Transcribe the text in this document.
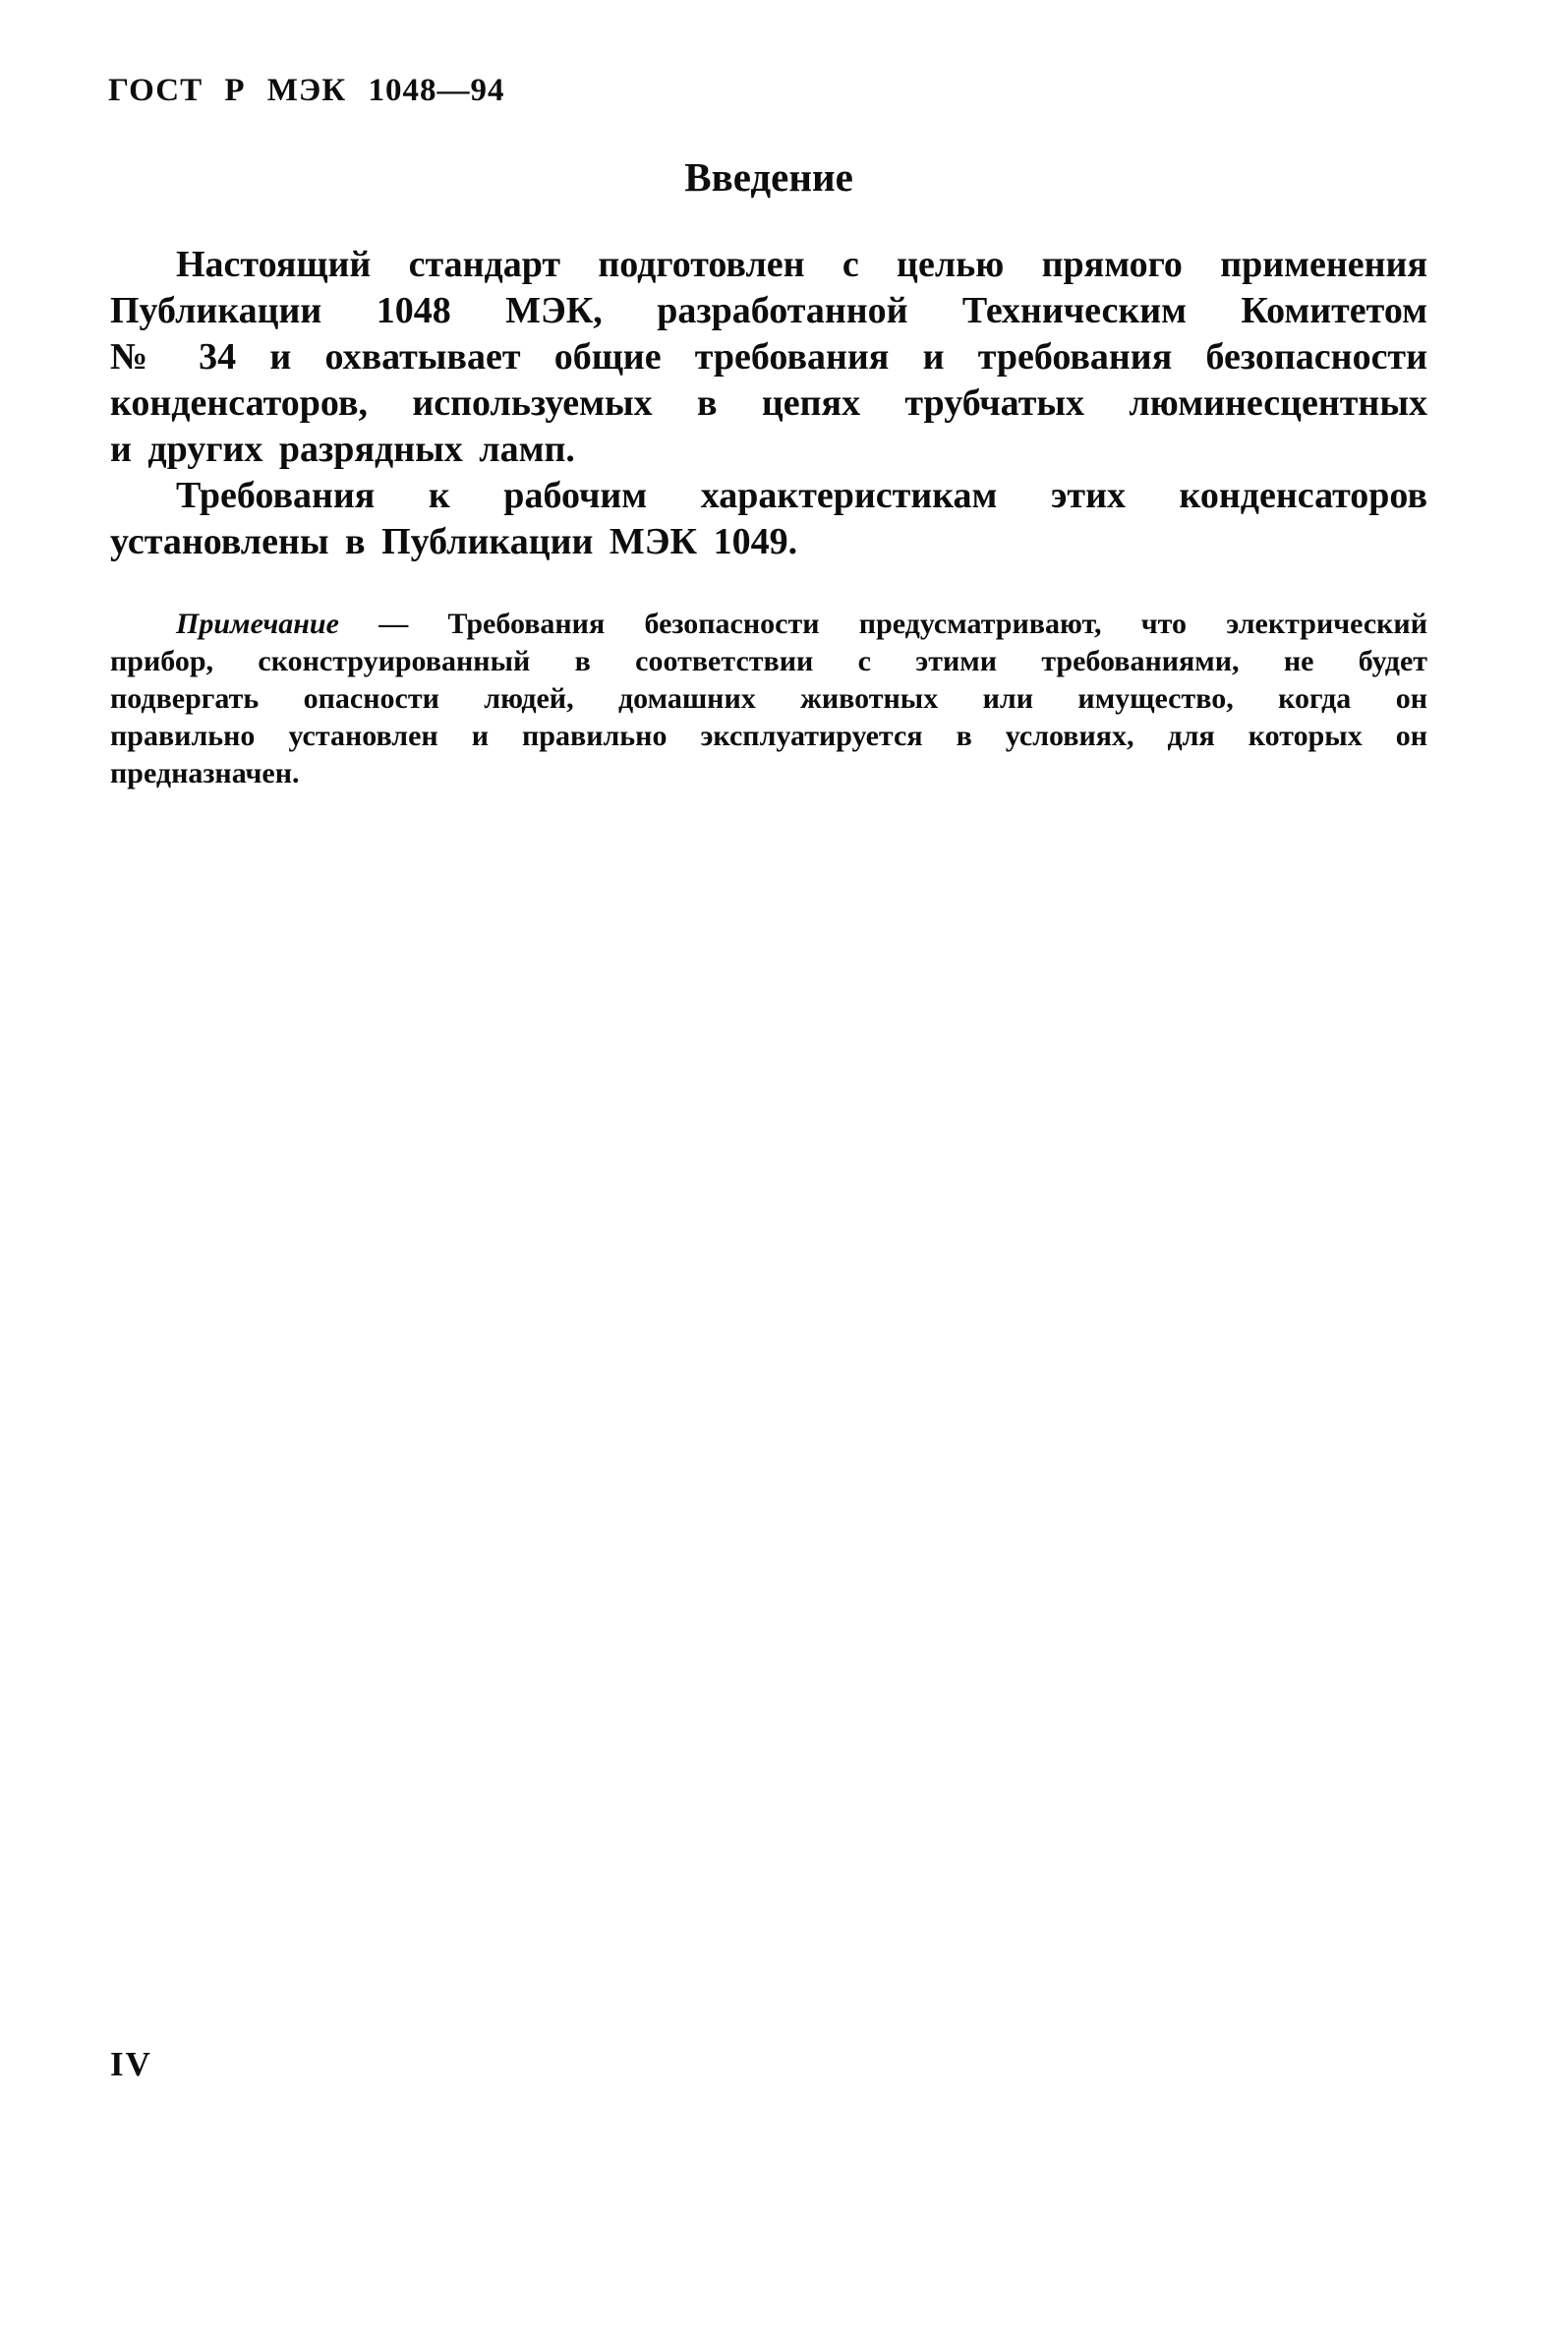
ГОСТ Р МЭК 1048—94
Введение
Настоящий стандарт подготовлен с целью прямого применения
Публикации 1048 МЭК, разработанной Техническим Комитетом
№ 34 и охватывает общие требования и требования безопасности
конденсаторов, используемых в цепях трубчатых люминесцентных
и других разрядных ламп.
Требования к рабочим характеристикам этих конденсаторов
установлены в Публикации МЭК 1049.
Примечание — Требования безопасности предусматривают, что электрический
прибор, сконструированный в соответствии с этими требованиями, не будет
подвергать опасности людей, домашних животных или имущество, когда он
правильно установлен и правильно эксплуатируется в условиях, для которых он
предназначен.
IV
